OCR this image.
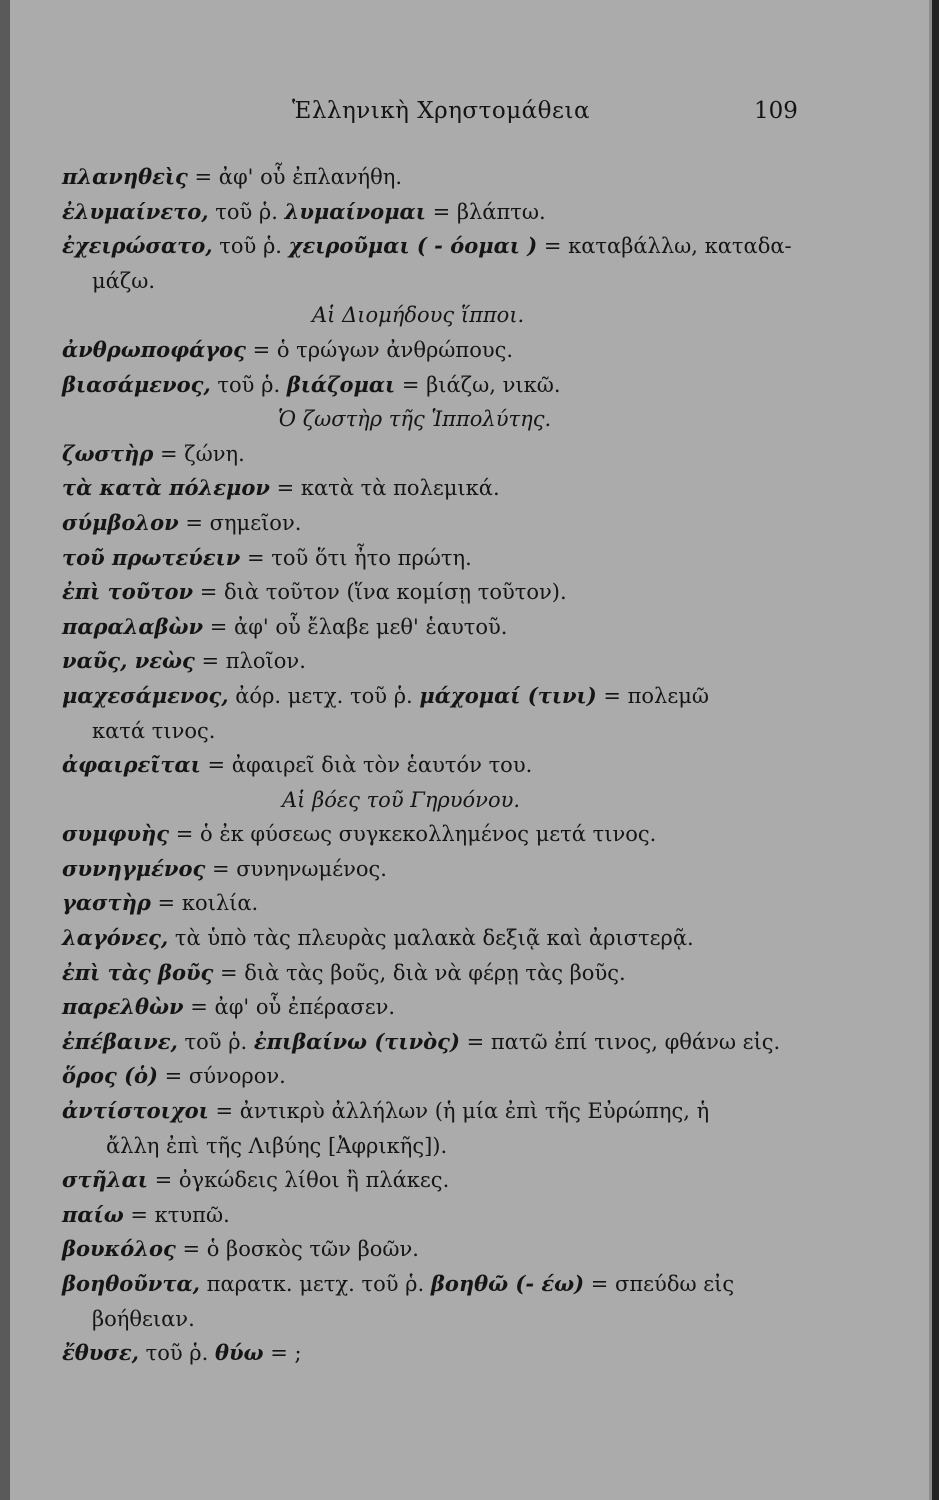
Ἑλληνικὴ Χρηστομάθεια	109
πλανηθεὶς = ἀφ' οὗ ἐπλανήθη.
ἐλυμαίνετο, τοῦ ῥ. λυμαίνομαι = βλάπτω.
ἐχειρώσατο, τοῦ ῥ. χειροῦμαι ( - όομαι ) = καταβάλλω, καταδα-
μάζω.
Αἱ Διομήδους ἵπποι.
ἀνθρωποφάγος = ὁ τρώγων ἀνθρώπους.
βιασάμενος, τοῦ ῥ. βιάζομαι = βιάζω, νικῶ.
Ὁ ζωστὴρ τῆς Ἱππολύτης.
ζωστὴρ = ζώνη.
τὰ κατὰ πόλεμον = κατὰ τὰ πολεμικά.
σύμβολον = σημεῖον.
τοῦ πρωτεύειν = τοῦ ὅτι ἦτο πρώτη.
ἐπὶ τοῦτον = διὰ τοῦτον (ἵνα κομίσῃ τοῦτον).
παραλαβὼν = ἀφ' οὗ ἔλαβε μεθ' ἑαυτοῦ.
ναῦς, νεὼς = πλοῖον.
μαχεσάμενος, ἀόρ. μετχ. τοῦ ῥ. μάχομαί (τινι) = πολεμῶ
κατά τινος.
ἀφαιρεῖται = ἀφαιρεῖ διὰ τὸν ἑαυτόν του.
Αἱ βόες τοῦ Γηρυόνου.
συμφυὴς = ὁ ἐκ φύσεως συγκεκολλημένος μετά τινος.
συνηγμένος = συνηνωμένος.
γαστὴρ = κοιλία.
λαγόνες, τὰ ὑπὸ τὰς πλευρὰς μαλακὰ δεξιᾷ καὶ ἀριστερᾷ.
ἐπὶ τὰς βοῦς = διὰ τὰς βοῦς, διὰ νὰ φέρῃ τὰς βοῦς.
παρελθὼν = ἀφ' οὗ ἐπέρασεν.
ἐπέβαινε, τοῦ ῥ. ἐπιβαίνω (τινὸς) = πατῶ ἐπί τινος, φθάνω εἰς.
ὅρος (ὁ) = σύνορον.
ἀντίστοιχοι = ἀντικρὺ ἀλλήλων (ἡ μία ἐπὶ τῆς Εὐρώπης, ἡ
ἄλλη ἐπὶ τῆς Λιβύης [Ἀφρικῆς]).
στῆλαι = ὀγκώδεις λίθοι ἢ πλάκες.
παίω = κτυπῶ.
βουκόλος = ὁ βοσκὸς τῶν βοῶν.
βοηθοῦντα, παρατκ. μετχ. τοῦ ῥ. βοηθῶ (- έω) = σπεύδω εἰς
βοήθειαν.
ἔθυσε, τοῦ ῥ. θύω = ;
